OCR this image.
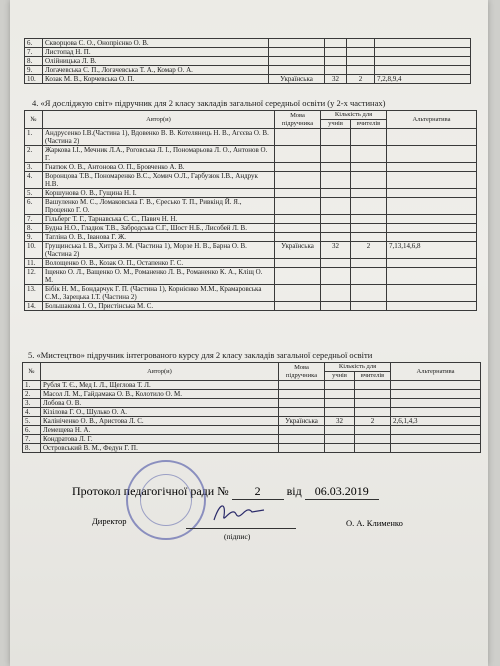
6.	Скворцова С. О., Онопрієнко О. В.				
7.	Листопад Н. П.				
8.	Олійницька Л. В.				
9.	Логачевська С. П., Логачевська Т. А., Комар О. А.				
10.	Козак М. В., Корчевська О. П.	Українська	32	2	7,2,8,9,4
4. «Я досліджую світ» підручник для 2 класу закладів загальної середньої освіти (у 2-х частинах)
№	Автор(и)	Мова підручника	Кількість для		Альтернатива
			учнів	вчителів	
1.	Андрусенко І.В.(Частина 1), Вдовенко В. В. Котелянець Н. В., Агєєва О. В. (Частина 2)				
2.	Жаркова І.І., Мечник Л.А., Роговська Л. І., Пономарьова Л. О., Антонов О. Г.				
3.	Гнатюк О. В., Антонова О. П., Бровченко А. В.				
4.	Воронцова Т.В., Пономаренко В.С., Хомич О.Л., Гарбузюк І.В., Андрук Н.В.				
5.	Коршунова О. В., Гущина Н. І.				
6.	Вашуленко М. С., Ломаковська Г. В., Єресько Т. П., Ривкінд Й. Я., Проценко Г. О.				
7.	Гільберг Т. Г., Тарнавська С. С., Павич Н. Н.				
8.	Будна Н.О., Гладюк Т.В., Забродська С.Г., Шост Н.Б., Лисобей Л. В.				
9.	Тагліна О. В., Іванова Г. Ж.				
10.	Грущинська І. В., Хитра З. М. (Частина 1), Морзе Н. В., Барна О. В. (Частина 2)	Українська	32	2	7,13,14,6,8
11.	Волощенко О. В., Козак О. П., Остапенко Г. С.				
12.	Іщенко О. Л., Ващенко О. М., Романенко Л. В., Романенко К. А., Кліщ О. М.				
13.	Бібік Н. М., Бондарчук Г. П. (Частина 1), Корнієнко М.М., Крамаровська С.М., Зарецька І.Т. (Частина 2)				
14.	Большакова І. О., Пристінська М. С.				
5. «Мистецтво» підручник інтегрованого курсу для 2 класу закладів загальної середньої освіти
№	Автор(и)	Мова підручника	Кількість для		Альтернатива
			учнів	вчителів	
1.	Рубля Т. Є., Мед І. Л., Щеглова Т. Л.				
2.	Масол Л. М., Гайдамака О. В., Колотило О. М.				
3.	Лобова О. В.				
4.	Кізілова Г. О., Шулько О. А.				
5.	Калініченко О. В., Аристова Л. С.	Українська	32	2	2,6,1,4,3
6.	Лемещева Н. А.				
7.	Кондратова Л. Г.				
8.	Островський В. М., Федун Г. П.				
Протокол педагогічної ради № 2 від 06.03.2019
Директор
(підпис)
О. А. Клименко
